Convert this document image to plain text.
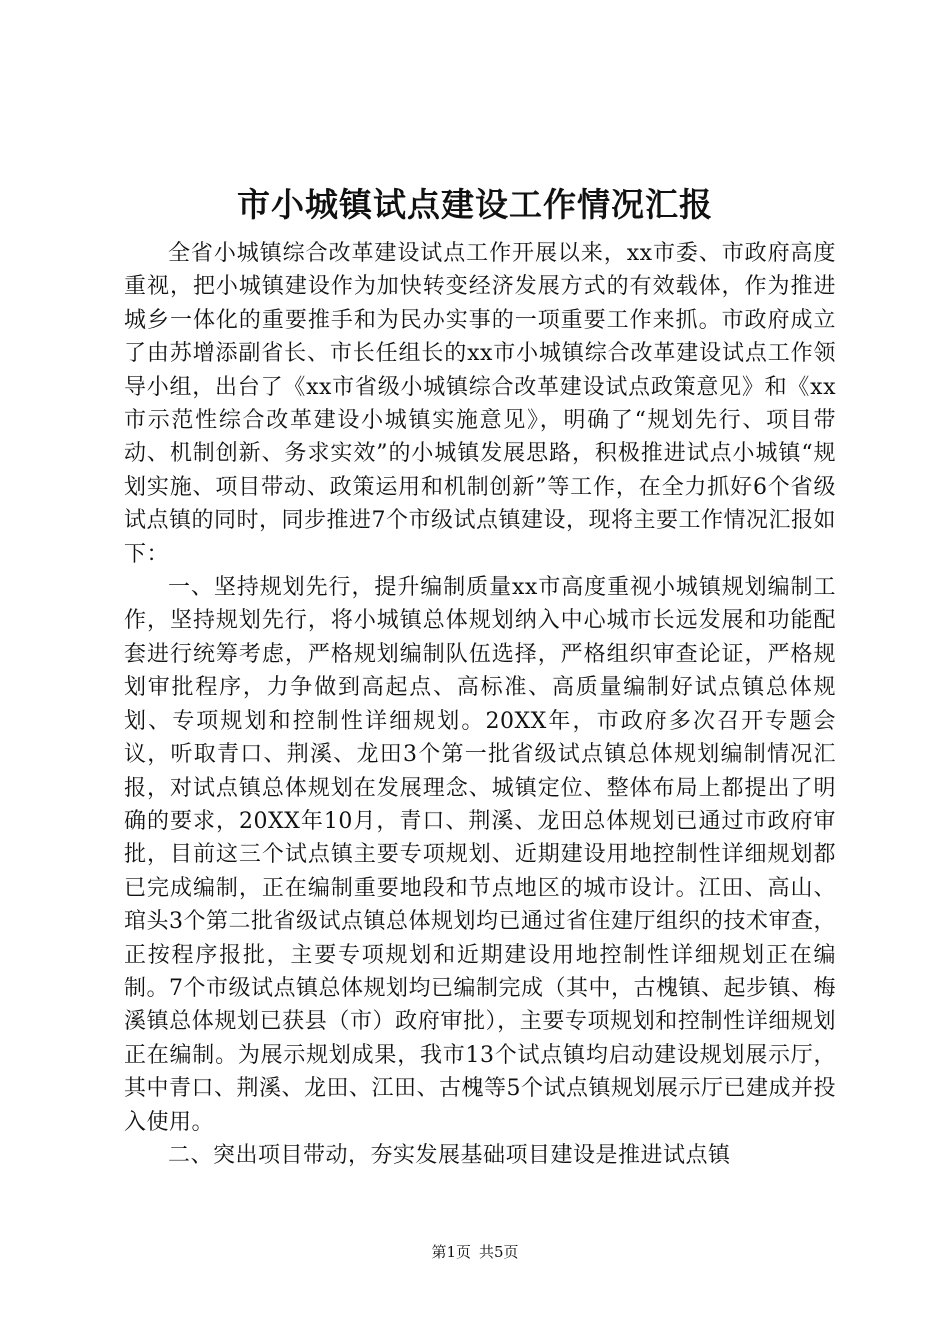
市小城镇试点建设工作情况汇报

全省小城镇综合改革建设试点工作开展以来，xx市委、市政府高度重视，把小城镇建设作为加快转变经济发展方式的有效载体，作为推进城乡一体化的重要推手和为民办实事的一项重要工作来抓。市政府成立了由苏增添副省长、市长任组长的xx市小城镇综合改革建设试点工作领导小组，出台了《xx市省级小城镇综合改革建设试点政策意见》和《xx市示范性综合改革建设小城镇实施意见》，明确了“规划先行、项目带动、机制创新、务求实效”的小城镇发展思路，积极推进试点小城镇“规划实施、项目带动、政策运用和机制创新”等工作，在全力抓好6个省级试点镇的同时，同步推进7个市级试点镇建设，现将主要工作情况汇报如下：

一、坚持规划先行，提升编制质量xx市高度重视小城镇规划编制工作，坚持规划先行，将小城镇总体规划纳入中心城市长远发展和功能配套进行统筹考虑，严格规划编制队伍选择，严格组织审查论证，严格规划审批程序，力争做到高起点、高标准、高质量编制好试点镇总体规划、专项规划和控制性详细规划。20XX年，市政府多次召开专题会议，听取青口、荆溪、龙田3个第一批省级试点镇总体规划编制情况汇报，对试点镇总体规划在发展理念、城镇定位、整体布局上都提出了明确的要求，20XX年10月，青口、荆溪、龙田总体规划已通过市政府审批，目前这三个试点镇主要专项规划、近期建设用地控制性详细规划都已完成编制，正在编制重要地段和节点地区的城市设计。江田、高山、琯头3个第二批省级试点镇总体规划均已通过省住建厅组织的技术审查，正按程序报批，主要专项规划和近期建设用地控制性详细规划正在编制。7个市级试点镇总体规划均已编制完成（其中，古槐镇、起步镇、梅溪镇总体规划已获县（市）政府审批），主要专项规划和控制性详细规划正在编制。为展示规划成果，我市13个试点镇均启动建设规划展示厅，其中青口、荆溪、龙田、江田、古槐等5个试点镇规划展示厅已建成并投入使用。

二、突出项目带动，夯实发展基础项目建设是推进试点镇

第1页 共5页
